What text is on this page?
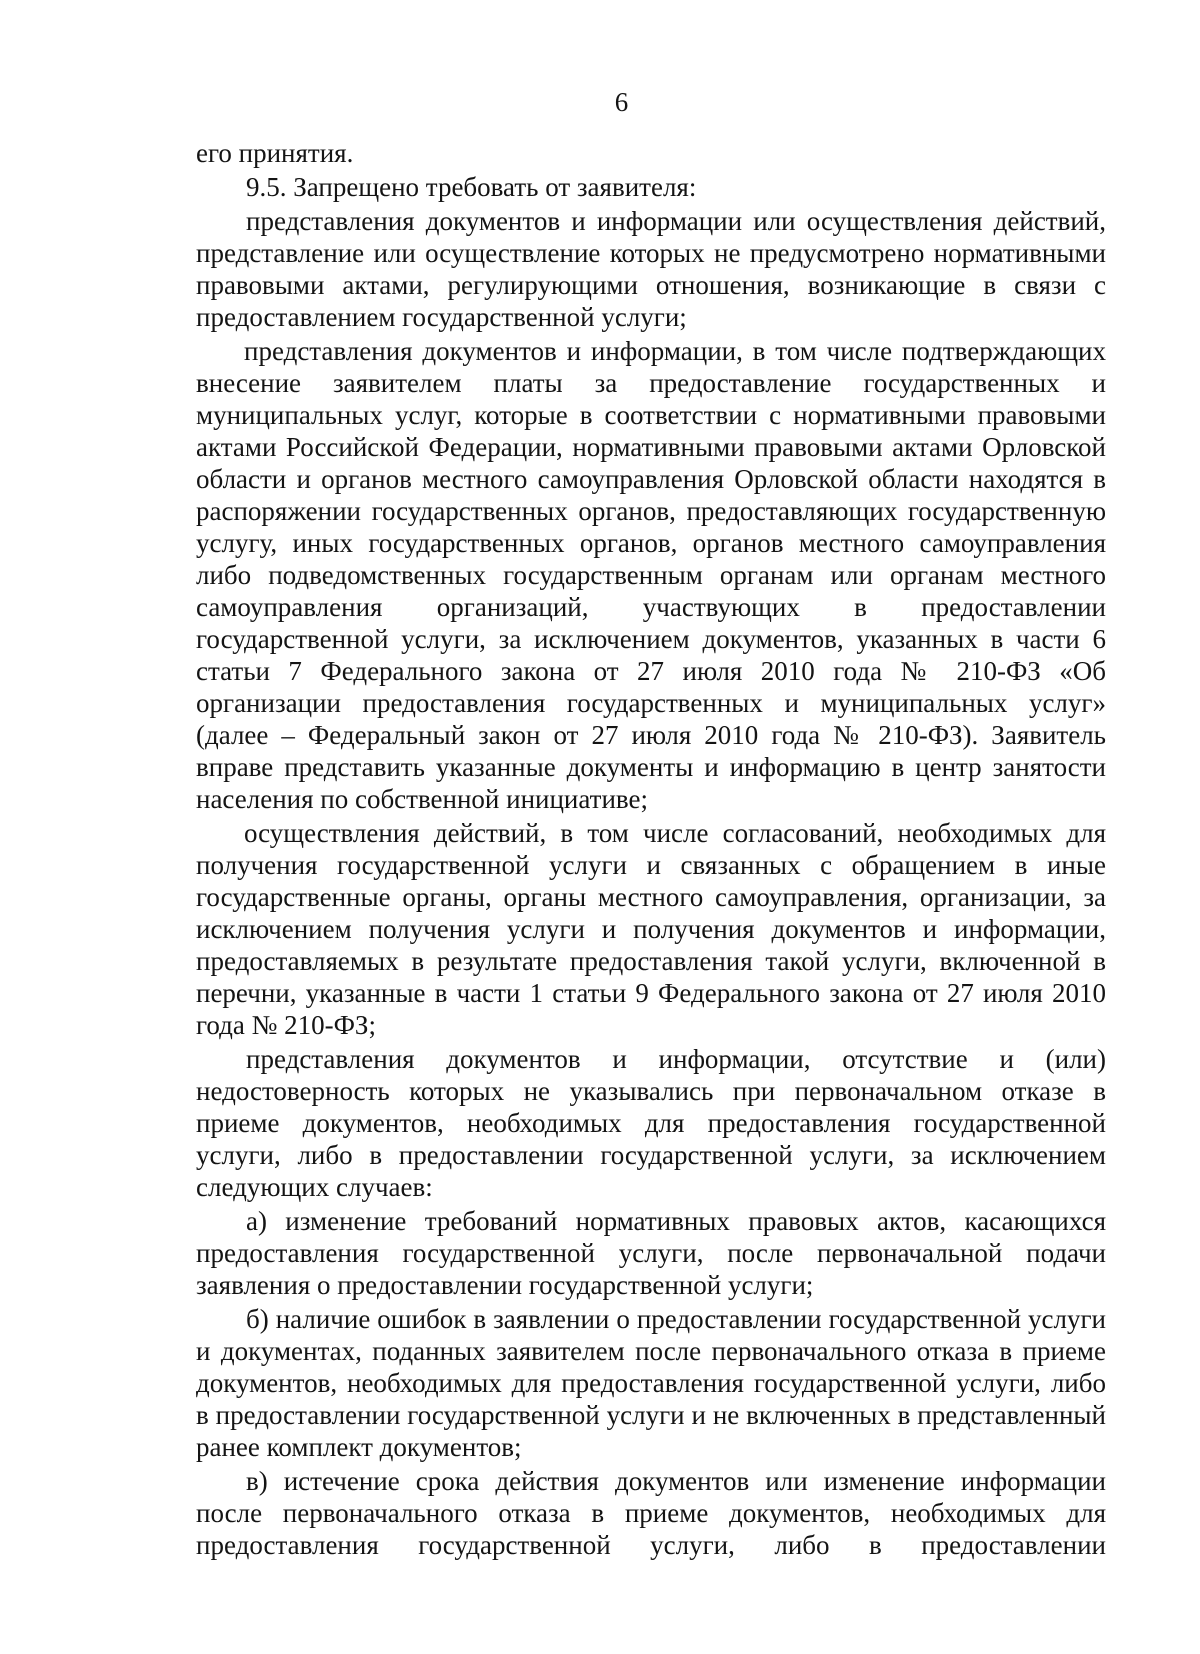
6

его принятия.

9.5. Запрещено требовать от заявителя:

представления документов и информации или осуществления действий, представление или осуществление которых не предусмотрено нормативными правовыми актами, регулирующими отношения, возникающие в связи с предоставлением государственной услуги;

представления документов и информации, в том числе подтверждающих внесение заявителем платы за предоставление государственных и муниципальных услуг, которые в соответствии с нормативными правовыми актами Российской Федерации, нормативными правовыми актами Орловской области и органов местного самоуправления Орловской области находятся в распоряжении государственных органов, предоставляющих государственную услугу, иных государственных органов, органов местного самоуправления либо подведомственных государственным органам или органам местного самоуправления организаций, участвующих в предоставлении государственной услуги, за исключением документов, указанных в части 6 статьи 7 Федерального закона от 27 июля 2010 года № 210-ФЗ «Об организации предоставления государственных и муниципальных услуг» (далее – Федеральный закон от 27 июля 2010 года № 210-ФЗ). Заявитель вправе представить указанные документы и информацию в центр занятости населения по собственной инициативе;

осуществления действий, в том числе согласований, необходимых для получения государственной услуги и связанных с обращением в иные государственные органы, органы местного самоуправления, организации, за исключением получения услуги и получения документов и информации, предоставляемых в результате предоставления такой услуги, включенной в перечни, указанные в части 1 статьи 9 Федерального закона от 27 июля 2010 года № 210-ФЗ;

представления документов и информации, отсутствие и (или) недостоверность которых не указывались при первоначальном отказе в приеме документов, необходимых для предоставления государственной услуги, либо в предоставлении государственной услуги, за исключением следующих случаев:

а) изменение требований нормативных правовых актов, касающихся предоставления государственной услуги, после первоначальной подачи заявления о предоставлении государственной услуги;

б) наличие ошибок в заявлении о предоставлении государственной услуги и документах, поданных заявителем после первоначального отказа в приеме документов, необходимых для предоставления государственной услуги, либо в предоставлении государственной услуги и не включенных в представленный ранее комплект документов;

в) истечение срока действия документов или изменение информации после первоначального отказа в приеме документов, необходимых для предоставления государственной услуги, либо в предоставлении
